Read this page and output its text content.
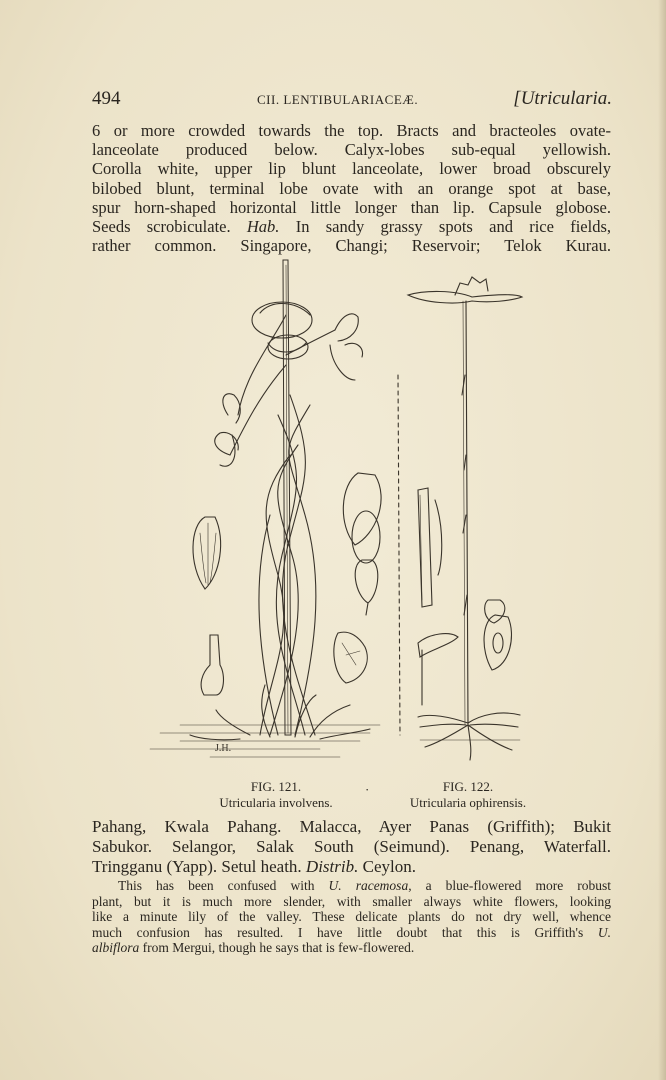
494	CII. LENTIBULARIACEÆ.	[Utricularia.
6 or more crowded towards the top. Bracts and bracteoles ovate-
lanceolate produced below. Calyx-lobes sub-equal yellowish.
Corolla white, upper lip blunt lanceolate, lower broad obscurely
bilobed blunt, terminal lobe ovate with an orange spot at base,
spur horn-shaped horizontal little longer than lip. Capsule globose.
Seeds scrobiculate. Hab. In sandy grassy spots and rice fields,
rather common. Singapore, Changi; Reservoir; Telok Kurau.
J.H.
FIG. 121.
Utricularia involvens.
·	FIG. 122.
Utricularia ophirensis.
Pahang, Kwala Pahang. Malacca, Ayer Panas (Griffith); Bukit
Sabukor. Selangor, Salak South (Seimund). Penang, Waterfall.
Tringganu (Yapp). Setul heath. Distrib. Ceylon.
This has been confused with U. racemosa, a blue-flowered more robust
plant, but it is much more slender, with smaller always white flowers, looking
like a minute lily of the valley. These delicate plants do not dry well, whence
much confusion has resulted. I have little doubt that this is Griffith's U.
albiflora from Mergui, though he says that is few-flowered.
